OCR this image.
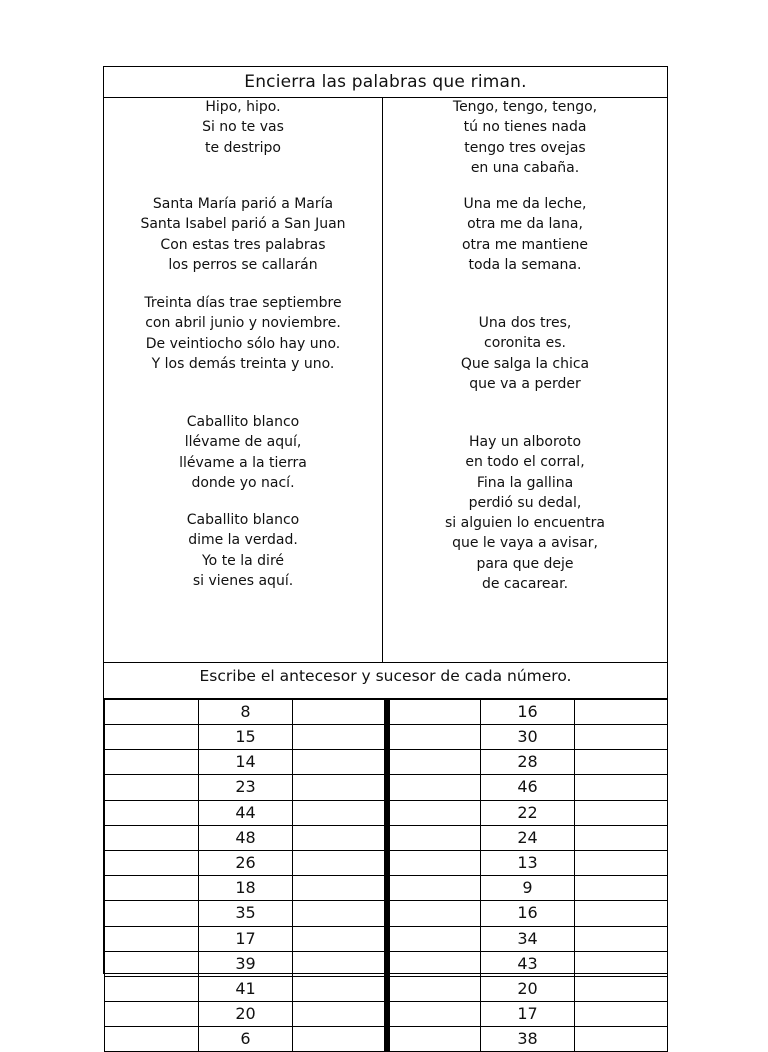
Encierra las palabras que riman.
Hipo, hipo.
Si no te vas
te destripo
Santa María parió a María
Santa Isabel parió a San Juan
Con estas tres palabras
los perros se callarán
Treinta días trae septiembre
con abril junio y noviembre.
De veintiocho sólo hay uno.
Y los demás treinta y uno.
Caballito blanco
llévame de aquí,
llévame a la tierra
donde yo nací.
Caballito blanco
dime la verdad.
Yo te la diré
si vienes aquí.
Tengo, tengo, tengo,
tú no tienes nada
tengo tres ovejas
en una cabaña.
Una me da leche,
otra me da lana,
otra me mantiene
toda la semana.
Una dos tres,
coronita es.
Que salga la chica
que va a perder
Hay un alboroto
en todo el corral,
Fina la gallina
perdió su dedal,
si alguien lo encuentra
que le vaya a avisar,
para que deje
de cacarear.
Escribe el antecesor y sucesor de cada número.
	8			16	
	15			30	
	14			28	
	23			46	
	44			22	
	48			24	
	26			13	
	18			9	
	35			16	
	17			34	
	39			43	
	41			20	
	20			17	
	6			38	
